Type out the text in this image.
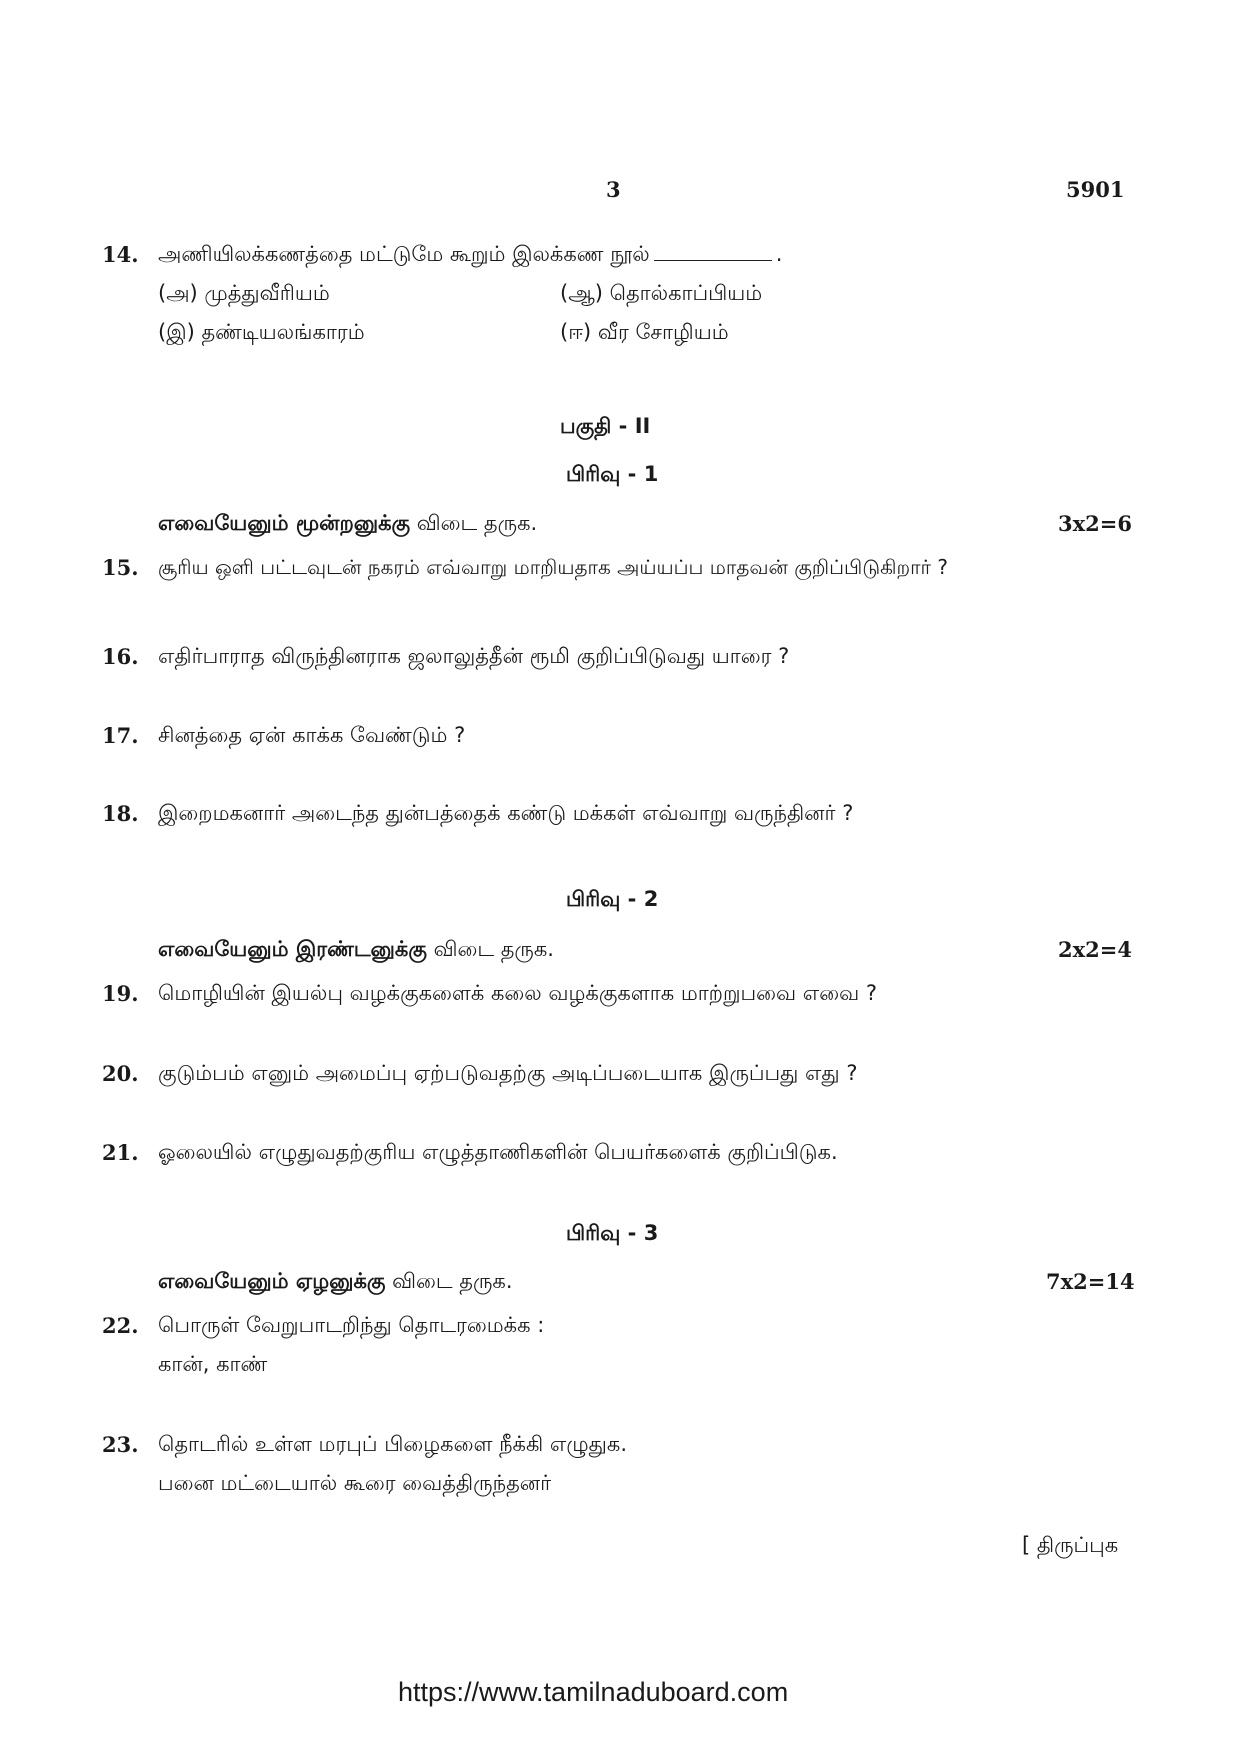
3	5901
14. அணியிலக்கணத்தை மட்டுமே கூறும் இலக்கண நூல்	.
(அ) முத்துவீரியம்	(ஆ) தொல்காப்பியம்
(இ) தண்டியலங்காரம்	(ஈ) வீர சோழியம்
பகுதி - II
பிரிவு - 1
எவையேனும் மூன்றனுக்கு விடை தருக.	3x2=6
15. சூரிய ஒளி பட்டவுடன் நகரம் எவ்வாறு மாறியதாக அய்யப்ப மாதவன் குறிப்பிடுகிறார் ?
16. எதிர்பாராத விருந்தினராக ஜலாலுத்தீன் ரூமி குறிப்பிடுவது யாரை ?
17. சினத்தை ஏன் காக்க வேண்டும் ?
18. இறைமகனார் அடைந்த துன்பத்தைக் கண்டு மக்கள் எவ்வாறு வருந்தினர் ?
பிரிவு - 2
எவையேனும் இரண்டனுக்கு விடை தருக.	2x2=4
19. மொழியின் இயல்பு வழக்குகளைக் கலை வழக்குகளாக மாற்றுபவை எவை ?
20. குடும்பம் எனும் அமைப்பு ஏற்படுவதற்கு அடிப்படையாக இருப்பது எது ?
21. ஓலையில் எழுதுவதற்குரிய எழுத்தாணிகளின் பெயர்களைக் குறிப்பிடுக.
பிரிவு - 3
எவையேனும் ஏழனுக்கு விடை தருக.	7x2=14
22. பொருள் வேறுபாடறிந்து தொடரமைக்க :
கான், காண்
23. தொடரில் உள்ள மரபுப் பிழைகளை நீக்கி எழுதுக.
பனை மட்டையால் கூரை வைத்திருந்தனர்
[ திருப்புக
https://www.tamilnaduboard.com
